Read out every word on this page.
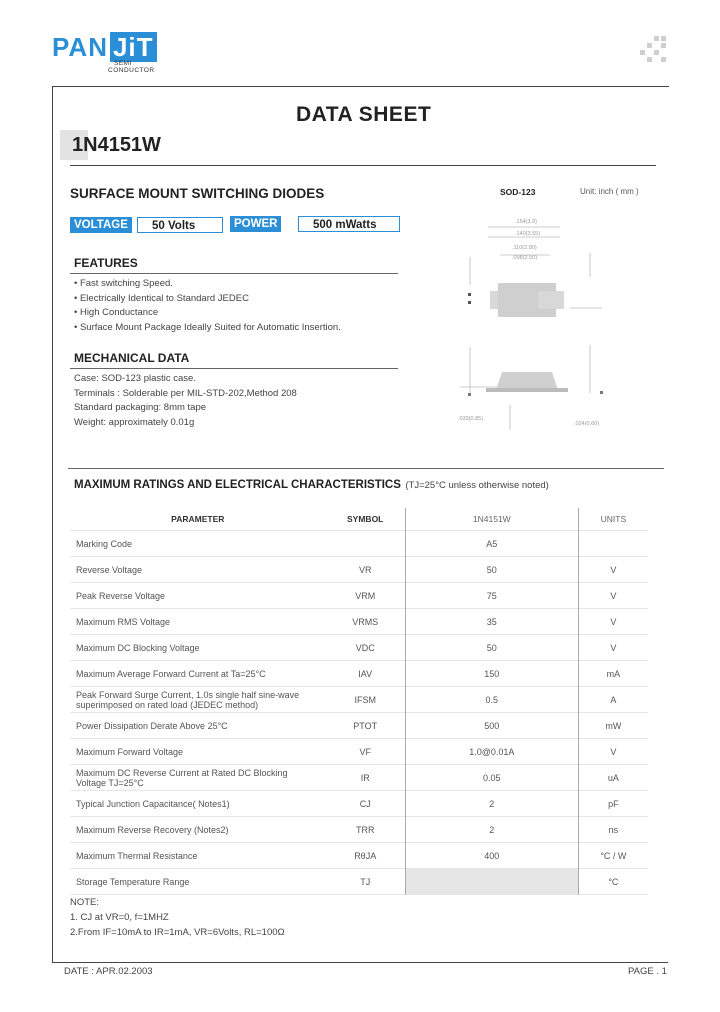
PAN JiT
SEMI
CONDUCTOR
DATA SHEET
1N4151W
SURFACE MOUNT SWITCHING DIODES
VOLTAGE	50 Volts	POWER	500 mWatts
FEATURES
• Fast switching Speed.
• Electrically Identical to Standard JEDEC
• High Conductance
• Surface Mount Package Ideally Suited for Automatic Insertion.
MECHANICAL DATA
Case: SOD-123 plastic case.
Terminals : Solderable per MIL-STD-202,Method 208
Standard packaging: 8mm tape
Weight: approximately 0.01g
SOD-123	Unit: inch ( mm )
.154(3.9)
.140(3.55)
.110(2.80)
.098(2.50)
.033(0.85)
.024(0.60)
MAXIMUM RATINGS AND ELECTRICAL CHARACTERISTICS (TJ=25°C unless otherwise noted)
PARAMETER	SYMBOL	1N4151W	UNITS
Marking Code		A5	
Reverse Voltage	VR	50	V
Peak Reverse Voltage	VRM	75	V
Maximum RMS Voltage	VRMS	35	V
Maximum DC Blocking Voltage	VDC	50	V
Maximum Average Forward Current at Ta=25°C	IAV	150	mA
Peak Forward Surge Current, 1.0s single half sine-wave superimposed on rated load (JEDEC method)	IFSM	0.5	A
Power Dissipation Derate Above 25°C	PTOT	500	mW
Maximum Forward Voltage	VF	1.0@0.01A	V
Maximum DC Reverse Current at Rated DC Blocking Voltage TJ=25°C	IR	0.05	uA
Typical Junction Capacitance( Notes1)	CJ	2	pF
Maximum Reverse Recovery (Notes2)	TRR	2	ns
Maximum Thermal Resistance	RθJA	400	°C / W
Storage Temperature Range	TJ		°C
NOTE:
1. CJ at VR=0, f=1MHZ
2.From IF=10mA to IR=1mA, VR=6Volts, RL=100Ω
DATE : APR.02.2003	PAGE . 1
